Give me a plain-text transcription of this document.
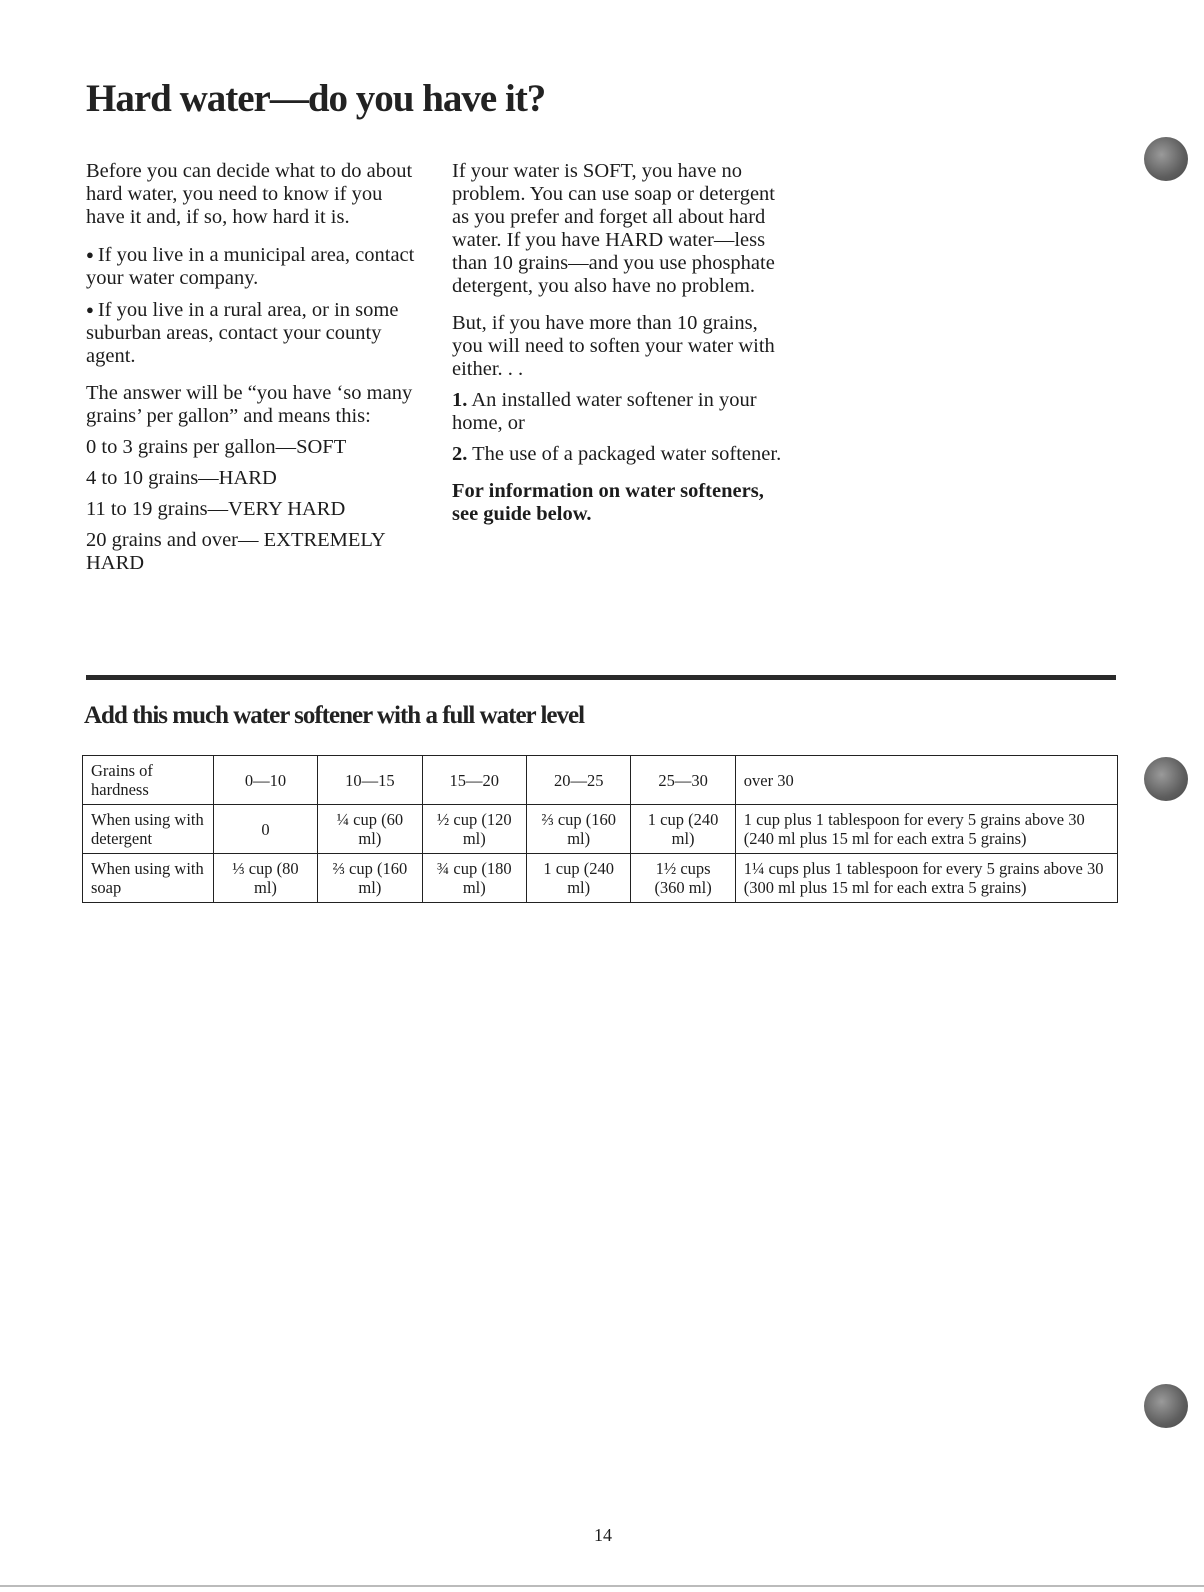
Hard water—do you have it?

Before you can decide what to do about hard water, you need to know if you have it and, if so, how hard it is.

● If you live in a municipal area, contact your water company.

● If you live in a rural area, or in some suburban areas, contact your county agent.

The answer will be “you have ‘so many grains’ per gallon” and means this:

0 to 3 grains per gallon—SOFT

4 to 10 grains—HARD

11 to 19 grains—VERY HARD

20 grains and over— EXTREMELY HARD

If your water is SOFT, you have no problem. You can use soap or detergent as you prefer and forget all about hard water. If you have HARD water—less than 10 grains—and you use phosphate detergent, you also have no problem.

But, if you have more than 10 grains, you will need to soften your water with either. . .

1. An installed water softener in your home, or

2. The use of a packaged water softener.

For information on water softeners, see guide below.

Add this much water softener with a full water level
Grains of hardness	0—10	10—15	15—20	20—25	25—30	over 30
When using with detergent	0	¼ cup (60 ml)	½ cup (120 ml)	⅔ cup (160 ml)	1 cup (240 ml)	1 cup plus 1 tablespoon for every 5 grains above 30 (240 ml plus 15 ml for each extra 5 grains)
When using with soap	⅓ cup (80 ml)	⅔ cup (160 ml)	¾ cup (180 ml)	1 cup (240 ml)	1½ cups (360 ml)	1¼ cups plus 1 tablespoon for every 5 grains above 30 (300 ml plus 15 ml for each extra 5 grains)
14
